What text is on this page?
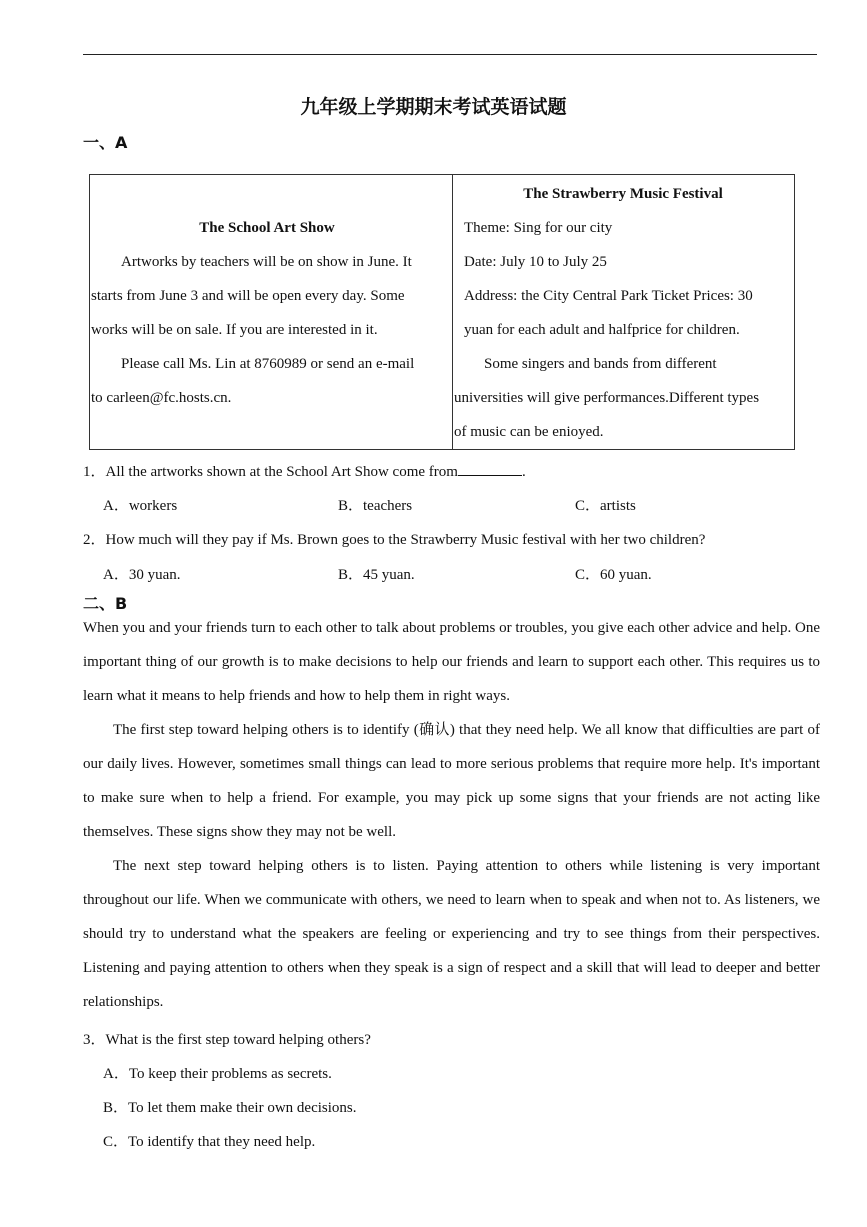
九年级上学期期末考试英语试题
一、A
The School Art Show
Artworks by teachers will be on show in June. It
starts from June 3 and will be open every day. Some
works will be on sale. If you are interested in it.
Please call Ms. Lin at 8760989 or send an e-mail
to carleen@fc.hosts.cn.
The Strawberry Music Festival
Theme: Sing for our city
Date: July 10 to July 25
Address: the City Central Park Ticket Prices: 30
yuan for each adult and halfprice for children.
Some singers and bands from different
universities will give performances.Different types
of music can be enioyed.
1．All the artworks shown at the School Art Show come from	.
A．workers	B．teachers	C．artists
2．How much will they pay if Ms. Brown goes to the Strawberry Music festival with her two children?
A．30 yuan.	B．45 yuan.	C．60 yuan.
二、B
When you and your friends turn to each other to talk about problems or troubles, you give each other advice and help. One important thing of our growth is to make decisions to help our friends and learn to support each other. This requires us to learn what it means to help friends and how to help them in right ways.
The first step toward helping others is to identify (确认) that they need help. We all know that difficulties are part of our daily lives. However, sometimes small things can lead to more serious problems that require more help. It's important to make sure when to help a friend. For example, you may pick up some signs that your friends are not acting like themselves. These signs show they may not be well.
The next step toward helping others is to listen. Paying attention to others while listening is very important throughout our life. When we communicate with others, we need to learn when to speak and when not to. As listeners, we should try to understand what the speakers are feeling or experiencing and try to see things from their perspectives. Listening and paying attention to others when they speak is a sign of respect and a skill that will lead to deeper and better relationships.
3．What is the first step toward helping others?
A．To keep their problems as secrets.
B．To let them make their own decisions.
C．To identify that they need help.
